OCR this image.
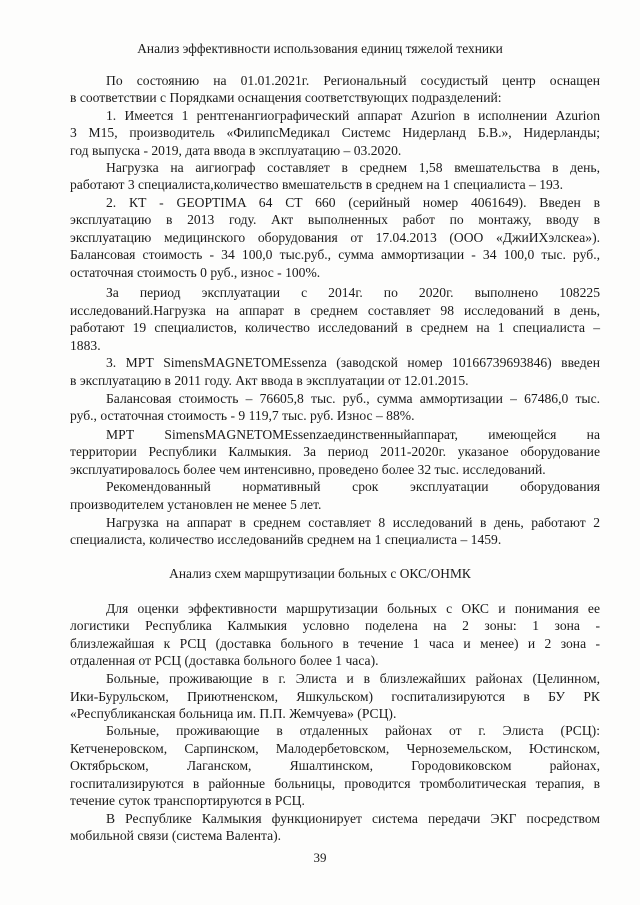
Анализ эффективности использования единиц тяжелой техники
По состоянию на 01.01.2021г. Региональный сосудистый центр оснащен
в соответствии с Порядками оснащения соответствующих подразделений:
1. Имеется 1 рентгенангиографический аппарат Azurion в исполнении Azurion
3 M15, производитель «ФилипсМедикал Системс Нидерланд Б.В.», Нидерланды;
год выпуска - 2019, дата ввода в эксплуатацию – 03.2020.
Нагрузка на аигиограф составляет в среднем 1,58 вмешательства в день,
работают 3 специалиста,количество вмешательств в среднем на 1 специалиста – 193.
2. КТ - GEOPTIMA 64 CT 660 (серийный номер 4061649). Введен в
эксплуатацию в 2013 году. Акт выполненных работ по монтажу, вводу в
эксплуатацию медицинского оборудования от 17.04.2013 (ООО «ДжиИХэлскеа»).
Балансовая стоимость - 34 100,0 тыс.руб., сумма аммортизации - 34 100,0 тыс. руб.,
остаточная стоимость 0 руб., износ - 100%.
За период эксплуатации с 2014г. по 2020г. выполнено 108225
исследований.Нагрузка на аппарат в среднем составляет 98 исследований в день,
работают 19 специалистов, количество исследований в среднем на 1 специалиста –
1883.
3. МРТ SimensMAGNETOMEssenza (заводской номер 10166739693846) введен
в эксплуатацию в 2011 году. Акт ввода в эксплуатации от 12.01.2015.
Балансовая стоимость – 76605,8 тыс. руб., сумма аммортизации – 67486,0 тыс.
руб., остаточная стоимость - 9 119,7 тыс. руб. Износ – 88%.
МРТ SimensMAGNETOMEssenzaединственныйаппарат, имеющейся на
территории Республики Калмыкия. За период 2011-2020г. указаное оборудование
эксплуатировалось более чем интенсивно, проведено более 32 тыс. исследований.
Рекомендованный нормативный срок эксплуатации оборудования
производителем установлен не менее 5 лет.
Нагрузка на аппарат в среднем составляет 8 исследований в день, работают 2
специалиста, количество исследованийв среднем на 1 специалиста – 1459.
Анализ схем маршрутизации больных с ОКС/ОНМК
Для оценки эффективности маршрутизации больных с ОКС и понимания ее
логистики Республика Калмыкия условно поделена на 2 зоны: 1 зона -
близлежайшая к РСЦ (доставка больного в течение 1 часа и менее) и 2 зона -
отдаленная от РСЦ (доставка больного более 1 часа).
Больные, проживающие в г. Элиста и в близлежайших районах (Целинном,
Ики-Бурульском, Приютненском, Яшкульском) госпитализируются в БУ РК
«Республиканская больница им. П.П. Жемчуева» (РСЦ).
Больные, проживающие в отдаленных районах от г. Элиста (РСЦ):
Кетченеровском, Сарпинском, Малодербетовском, Черноземельском, Юстинском,
Октябрьском, Лаганском, Яшалтинском, Городовиковском районах,
госпитализируются в районные больницы, проводится тромболитическая терапия, в
течение суток транспортируются в РСЦ.
В Республике Калмыкия функционирует система передачи ЭКГ посредством
мобильной связи (система Валента).
39
